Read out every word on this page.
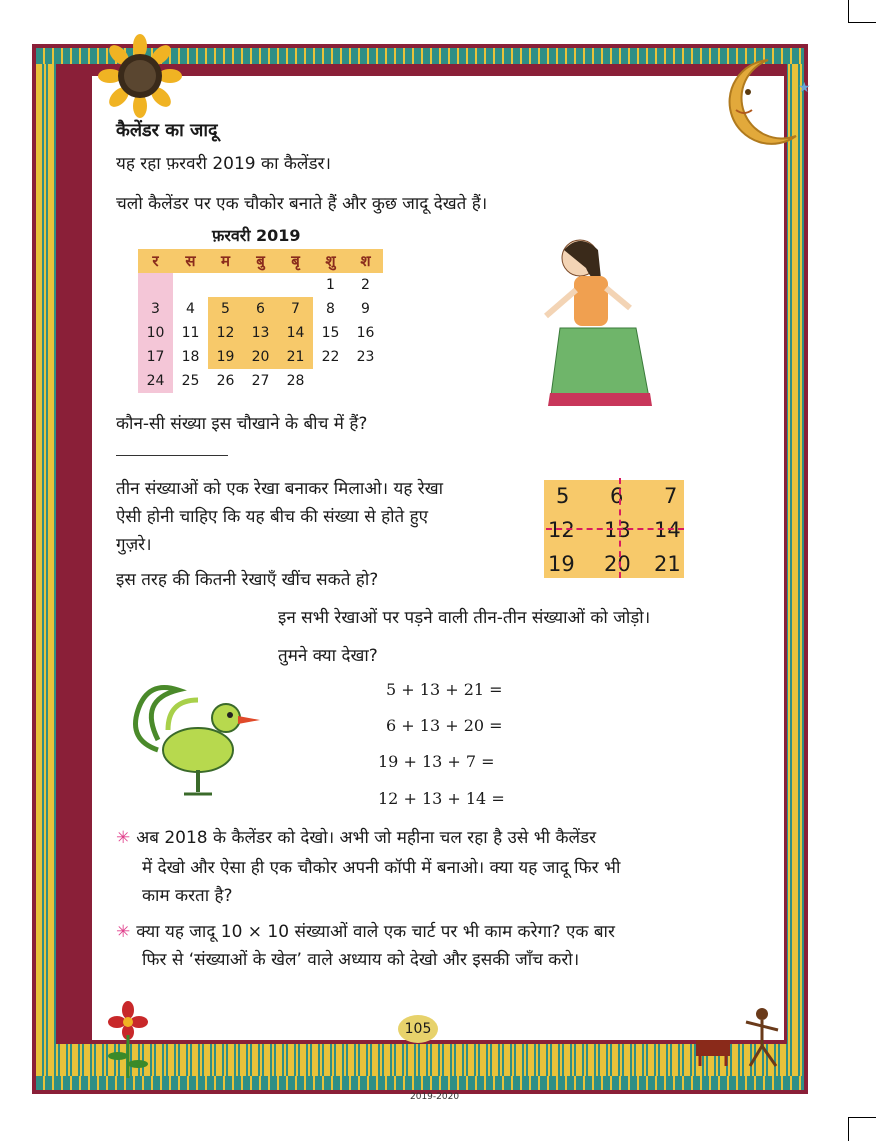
★
कैलेंडर का जादू
यह रहा फ़रवरी 2019 का कैलेंडर।
चलो कैलेंडर पर एक चौकोर बनाते हैं और कुछ जादू देखते हैं।
फ़रवरी 2019
र	स	म	बु	बृ	शु	श
					1	2
3	4	5	6	7	8	9
10	11	12	13	14	15	16
17	18	19	20	21	22	23
24	25	26	27	28		
कौन-सी संख्या इस चौखाने के बीच में हैं?
तीन संख्याओं को एक रेखा बनाकर मिलाओ। यह रेखा
ऐसी होनी चाहिए कि यह बीच की संख्या से होते हुए
गुज़रे।
इस तरह की कितनी रेखाएँ खींच सकते हो?
5 6 7
12 13 14
19 20 21
इन सभी रेखाओं पर पड़ने वाली तीन-तीन संख्याओं को जोड़ो।
तुमने क्या देखा?
5 + 13 + 21 =
6 + 13 + 20 =
19 + 13 + 7 =
12 + 13 + 14 =
✳ अब 2018 के कैलेंडर को देखो। अभी जो महीना चल रहा है उसे भी कैलेंडर
में देखो और ऐसा ही एक चौकोर अपनी कॉपी में बनाओ। क्या यह जादू फिर भी
काम करता है?
✳ क्या यह जादू 10 × 10 संख्याओं वाले एक चार्ट पर भी काम करेगा? एक बार
फिर से ‘संख्याओं के खेल’ वाले अध्याय को देखो और इसकी जाँच करो।
105
2019-2020
